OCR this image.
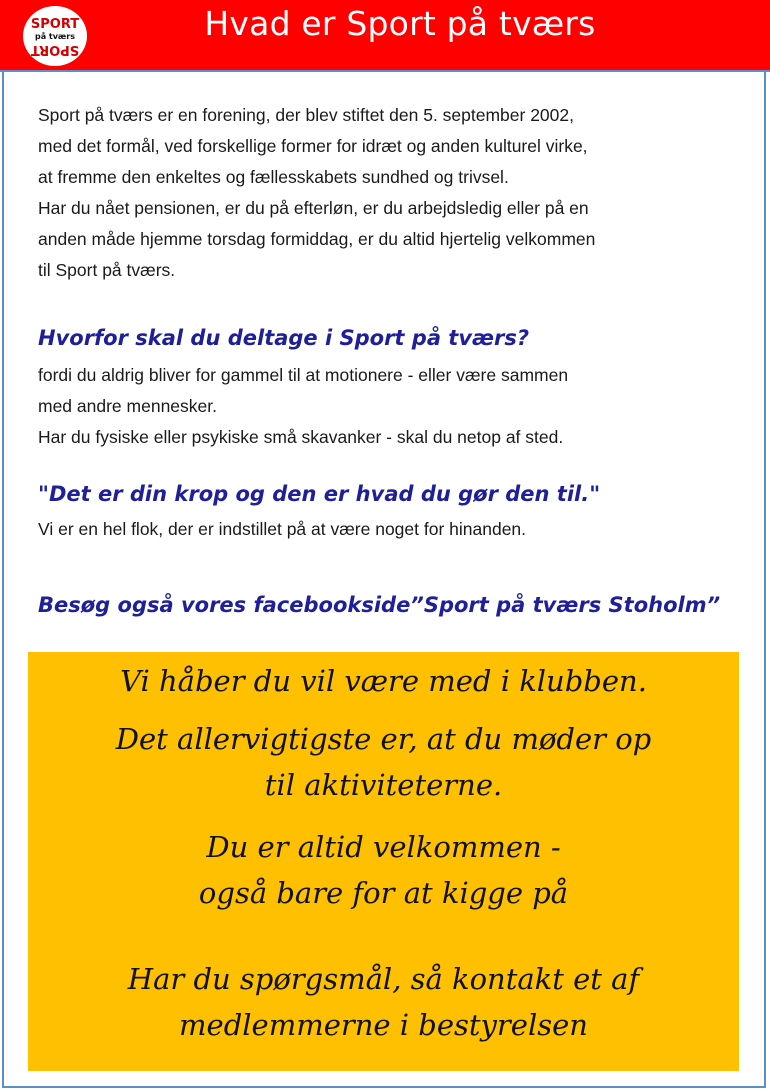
SPORT
på tværs
SPORT
Hvad er Sport på tværs

Sport på tværs er en forening, der blev stiftet den 5. september 2002,

med det formål, ved forskellige former for idræt og anden kulturel virke,

at fremme den enkeltes og fællesskabets sundhed og trivsel.

Har du nået pensionen, er du på efterløn, er du arbejdsledig eller på en

anden måde hjemme torsdag formiddag, er du altid hjertelig velkommen

til Sport på tværs.

Hvorfor skal du deltage i Sport på tværs?

fordi du aldrig bliver for gammel til at motionere - eller være sammen

med andre mennesker.

Har du fysiske eller psykiske små skavanker - skal du netop af sted.

"Det er din krop og den er hvad du gør den til."

Vi er en hel flok, der er indstillet på at være noget for hinanden.

Besøg også vores facebookside”Sport på tværs Stoholm”

Vi håber du vil være med i klubben.

Det allervigtigste er, at du møder op
til aktiviteterne.
Du er altid velkommen -
også bare for at kigge på
Har du spørgsmål, så kontakt et af
medlemmerne i bestyrelsen
